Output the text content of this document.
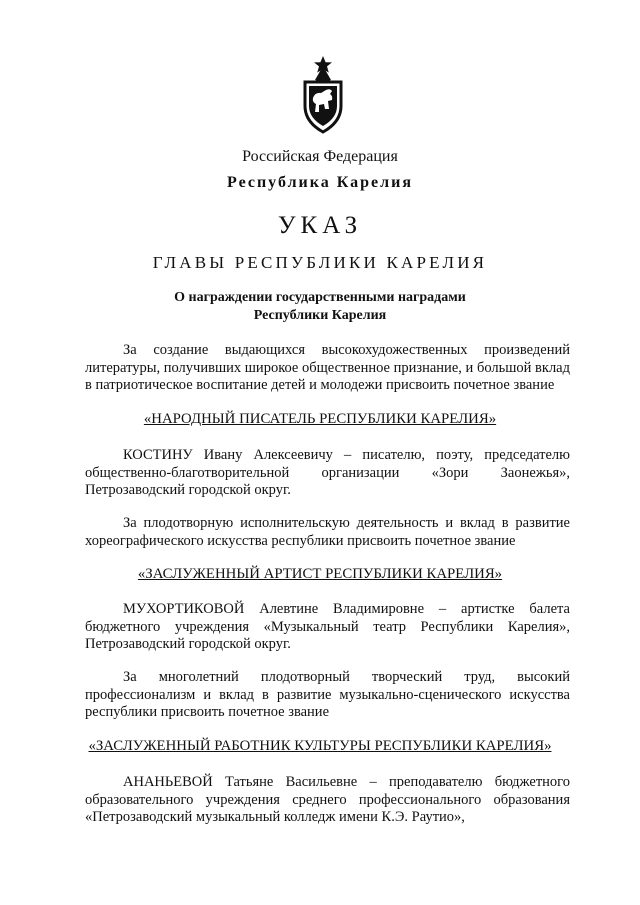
Российская Федерация
Республика Карелия
УКАЗ
ГЛАВЫ РЕСПУБЛИКИ КАРЕЛИЯ
О награждении государственными наградами
Республики Карелия
За создание выдающихся высокохудожественных произведений литературы, получивших широкое общественное признание, и большой вклад в патриотическое воспитание детей и молодежи присвоить почетное звание
«НАРОДНЫЙ ПИСАТЕЛЬ РЕСПУБЛИКИ КАРЕЛИЯ»
КОСТИНУ Ивану Алексеевичу – писателю, поэту, председателю
общественно-благотворительной организации «Зори Заонежья»,
Петрозаводский городской округ.
За плодотворную исполнительскую деятельность и вклад в развитие
хореографического искусства республики присвоить почетное звание
«ЗАСЛУЖЕННЫЙ АРТИСТ РЕСПУБЛИКИ КАРЕЛИЯ»
МУХОРТИКОВОЙ Алевтине Владимировне – артистке балета
бюджетного учреждения «Музыкальный театр Республики Карелия»,
Петрозаводский городской округ.
За многолетний плодотворный творческий труд, высокий
профессионализм и вклад в развитие музыкально-сценического искусства
республики присвоить почетное звание
«ЗАСЛУЖЕННЫЙ РАБОТНИК КУЛЬТУРЫ РЕСПУБЛИКИ КАРЕЛИЯ»
АНАНЬЕВОЙ Татьяне Васильевне – преподавателю бюджетного
образовательного учреждения среднего профессионального образования
«Петрозаводский музыкальный колледж имени К.Э. Раутио»,
